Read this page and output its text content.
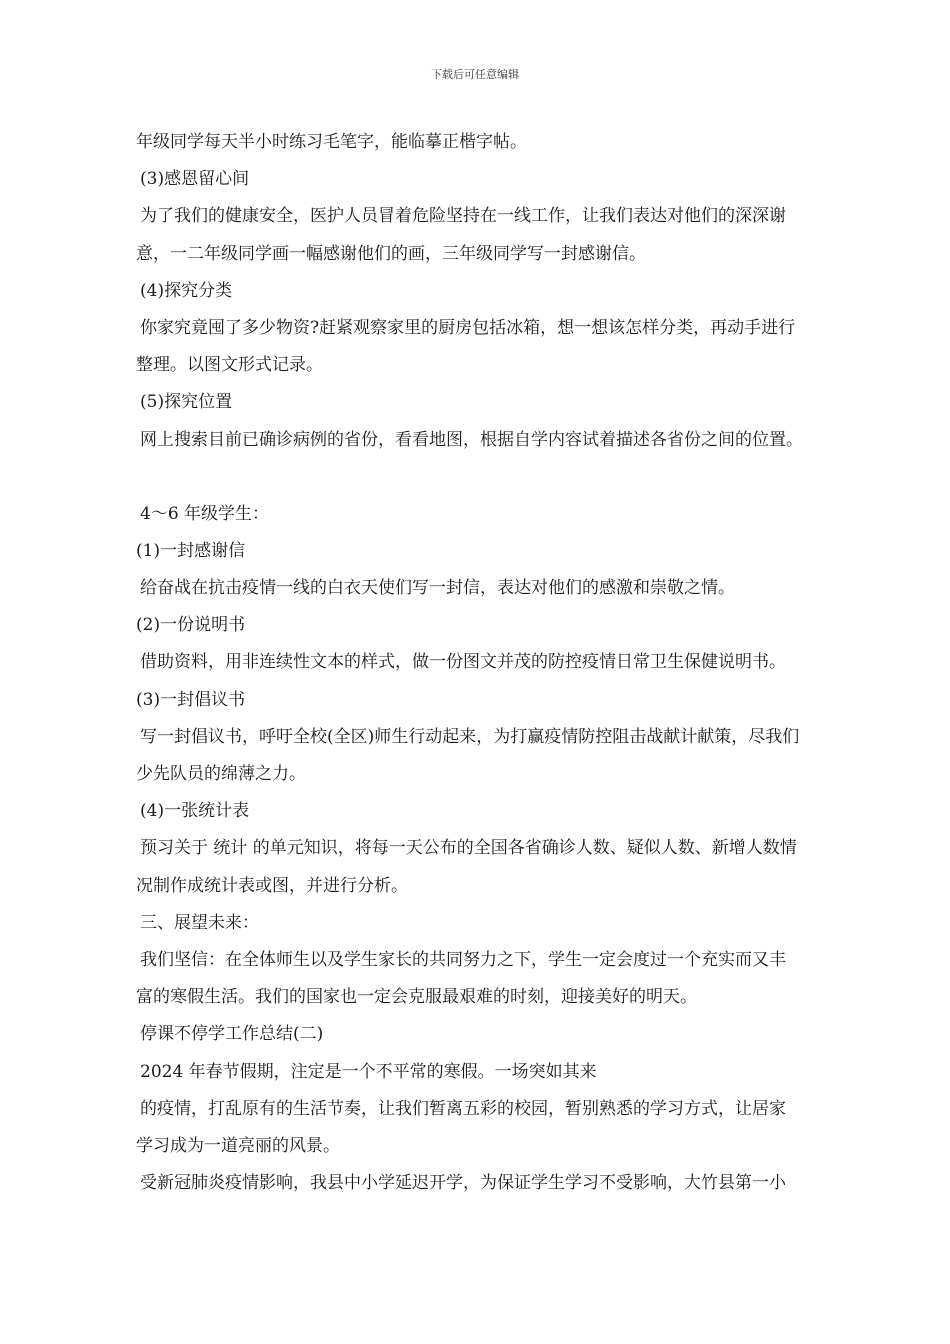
下载后可任意编辑
年级同学每天半小时练习毛笔字，能临摹正楷字帖。
(3)感恩留心间
为了我们的健康安全，医护人员冒着危险坚持在一线工作，让我们表达对他们的深深谢
意，一二年级同学画一幅感谢他们的画，三年级同学写一封感谢信。
(4)探究分类
你家究竟囤了多少物资?赶紧观察家里的厨房包括冰箱，想一想该怎样分类，再动手进行
整理。以图文形式记录。
(5)探究位置
网上搜索目前已确诊病例的省份，看看地图，根据自学内容试着描述各省份之间的位置。
4～6 年级学生：
(1)一封感谢信
给奋战在抗击疫情一线的白衣天使们写一封信，表达对他们的感激和崇敬之情。
(2)一份说明书
借助资料，用非连续性文本的样式，做一份图文并茂的防控疫情日常卫生保健说明书。
(3)一封倡议书
写一封倡议书，呼吁全校(全区)师生行动起来，为打赢疫情防控阻击战献计献策，尽我们
少先队员的绵薄之力。
(4)一张统计表
预习关于 统计 的单元知识，将每一天公布的全国各省确诊人数、疑似人数、新增人数情
况制作成统计表或图，并进行分析。
三、展望未来：
我们坚信：在全体师生以及学生家长的共同努力之下，学生一定会度过一个充实而又丰
富的寒假生活。我们的国家也一定会克服最艰难的时刻，迎接美好的明天。
停课不停学工作总结(二)
2024 年春节假期，注定是一个不平常的寒假。一场突如其来
的疫情，打乱原有的生活节奏，让我们暂离五彩的校园，暂别熟悉的学习方式，让居家
学习成为一道亮丽的风景。
受新冠肺炎疫情影响，我县中小学延迟开学，为保证学生学习不受影响，大竹县第一小
